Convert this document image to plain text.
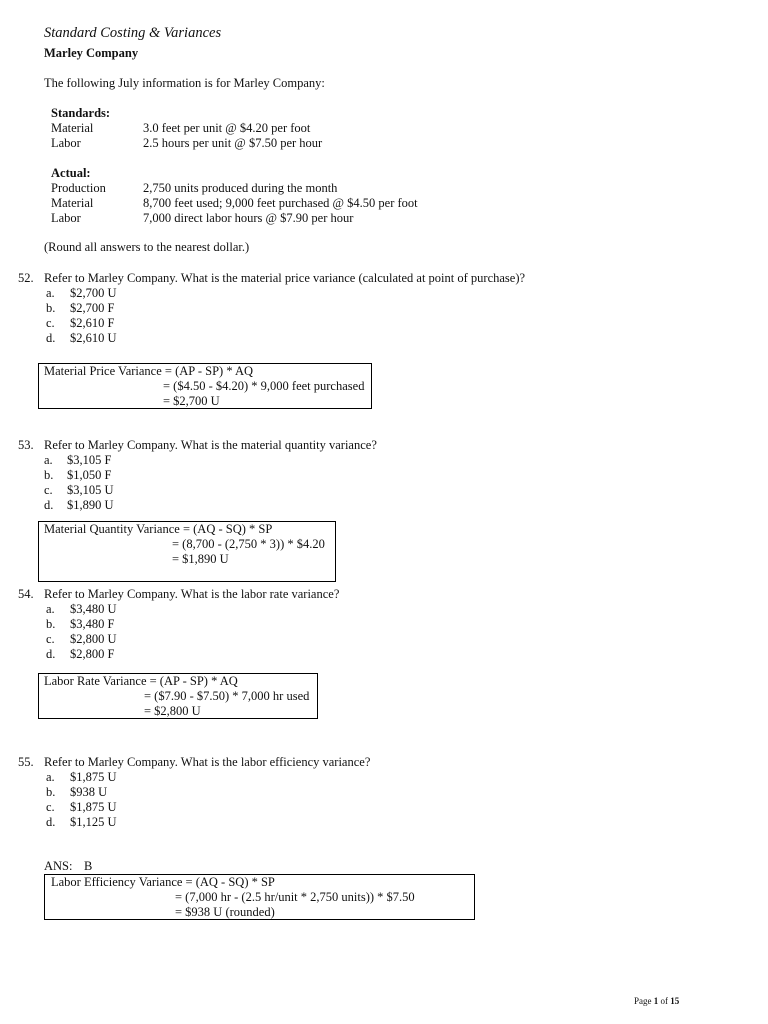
Standard Costing & Variances
Marley Company
The following July information is for Marley Company:
Standards:
Material	3.0 feet per unit @ $4.20 per foot
Labor	2.5 hours per unit @ $7.50 per hour
Actual:
Production	2,750 units produced during the month
Material	8,700 feet used; 9,000 feet purchased @ $4.50 per foot
Labor	7,000 direct labor hours @ $7.90 per hour
(Round all answers to the nearest dollar.)
52. Refer to Marley Company. What is the material price variance (calculated at point of purchase)?
a. $2,700 U
b. $2,700 F
c. $2,610 F
d. $2,610 U
Material Price Variance = (AP - SP) * AQ
= ($4.50 - $4.20) * 9,000 feet purchased
= $2,700 U
53. Refer to Marley Company. What is the material quantity variance?
a. $3,105 F
b. $1,050 F
c. $3,105 U
d. $1,890 U
Material Quantity Variance = (AQ - SQ) * SP
= (8,700 - (2,750 * 3)) * $4.20
= $1,890 U
54. Refer to Marley Company. What is the labor rate variance?
a. $3,480 U
b. $3,480 F
c. $2,800 U
d. $2,800 F
Labor Rate Variance = (AP - SP) * AQ
= ($7.90 - $7.50) * 7,000 hr used
= $2,800 U
55. Refer to Marley Company. What is the labor efficiency variance?
a. $1,875 U
b. $938 U
c. $1,875 U
d. $1,125 U
ANS: B
Labor Efficiency Variance = (AQ - SQ) * SP
= (7,000 hr - (2.5 hr/unit * 2,750 units)) * $7.50
= $938 U (rounded)
Page 1 of 15
